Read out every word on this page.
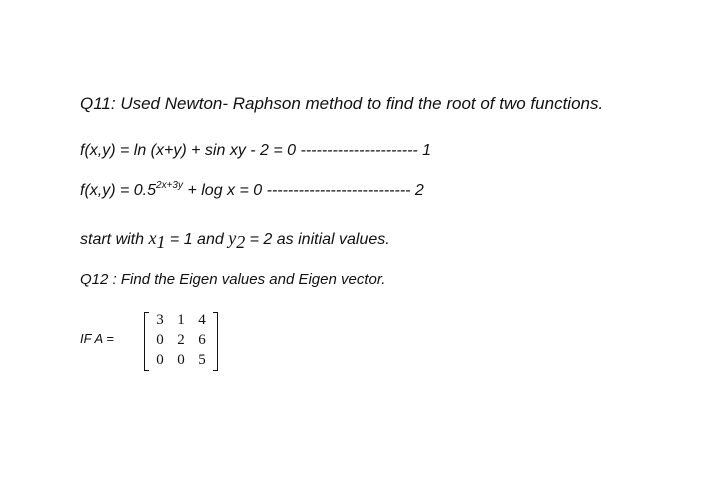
Q11: Used Newton- Raphson method to find the root of two functions.
f(x,y) = ln (x+y) + sin xy - 2 = 0 ---------------------- 1
$f(x,y) = 0.5^{2x+3y} + \log x = 0$ --------------------------- 2
start with $x_1 = 1$ and $y_2 = 2$ as initial values.
Q12 : Find the Eigen values and Eigen vector.
IF A =
3 1 4
0 2 6
0 0 5
